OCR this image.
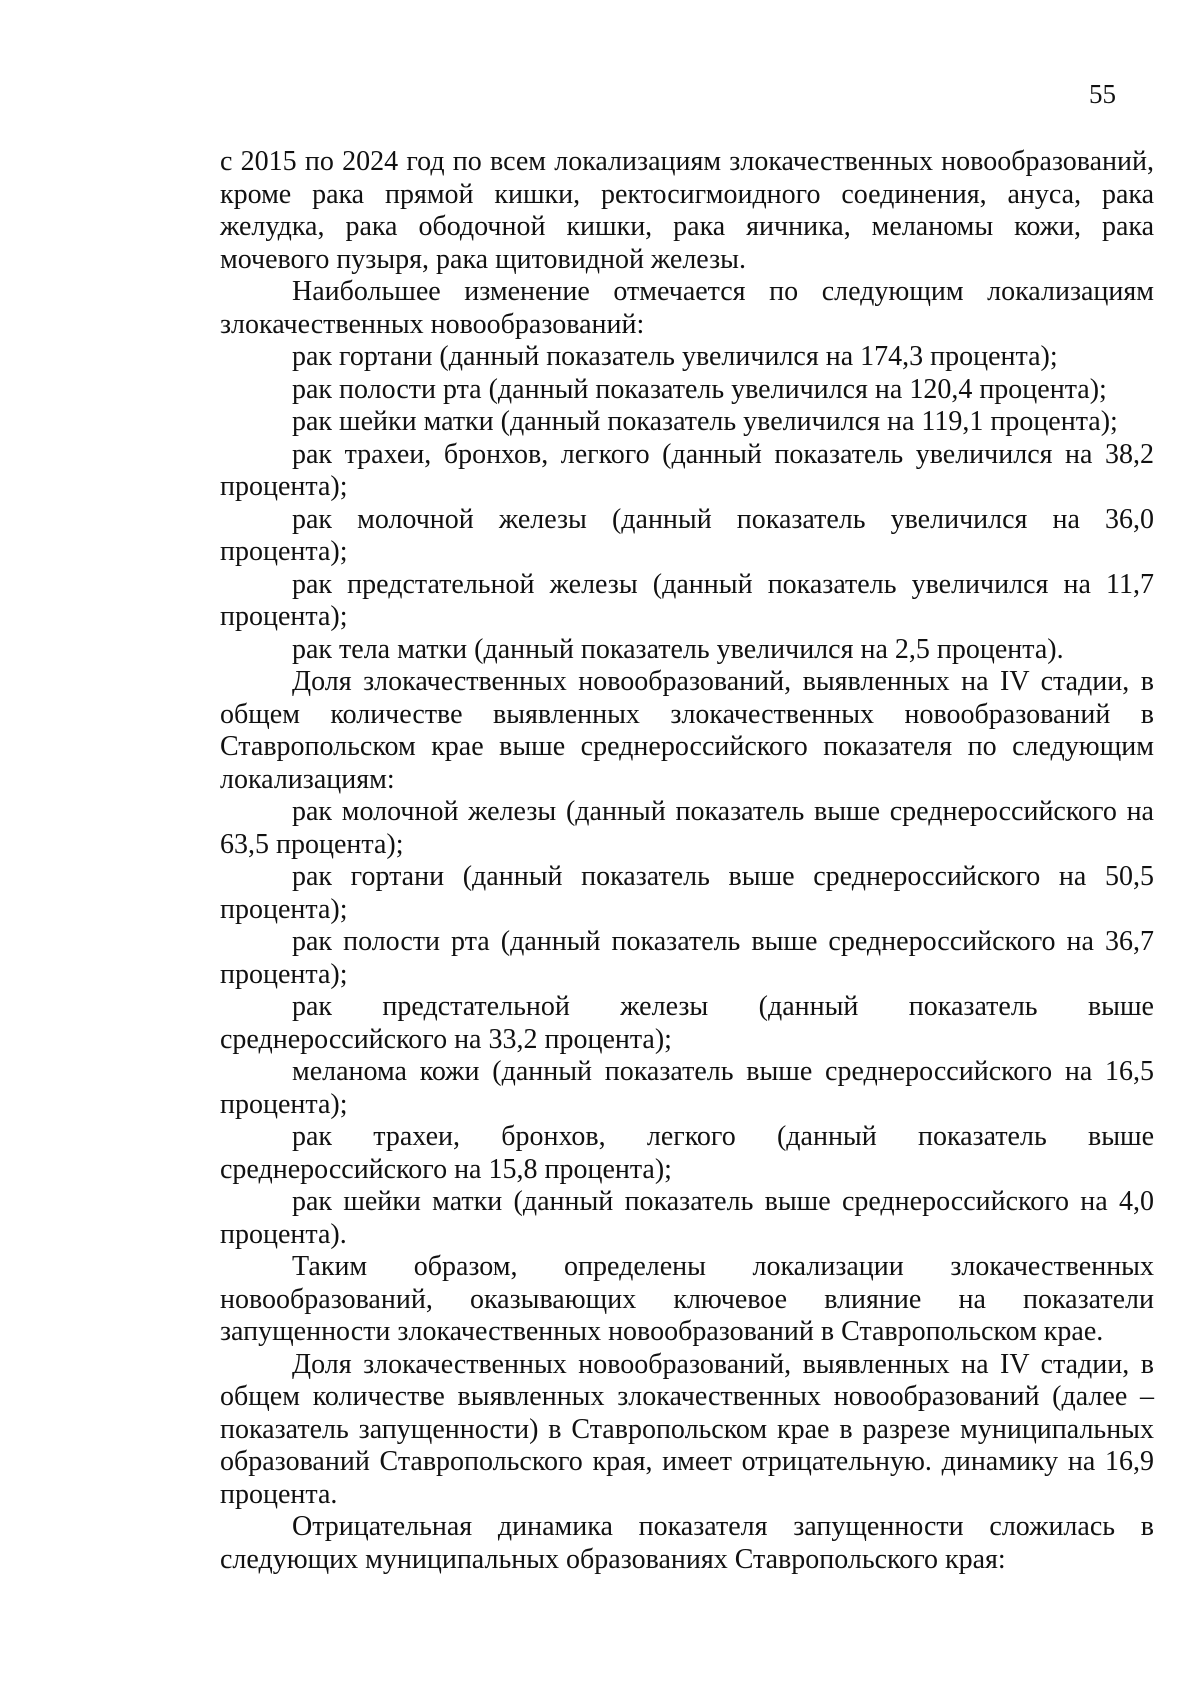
55

с 2015 по 2024 год по всем локализациям злокачественных новообразований, кроме рака прямой кишки, ректосигмоидного соединения, ануса, рака желудка, рака ободочной кишки, рака яичника, меланомы кожи, рака мочевого пузыря, рака щитовидной железы.

Наибольшее изменение отмечается по следующим локализациям злокачественных новообразований:

рак гортани (данный показатель увеличился на 174,3 процента);

рак полости рта (данный показатель увеличился на 120,4 процента);

рак шейки матки (данный показатель увеличился на 119,1 процента);

рак трахеи, бронхов, легкого (данный показатель увеличился на 38,2 процента);

рак молочной железы (данный показатель увеличился на 36,0 процента);

рак предстательной железы (данный показатель увеличился на 11,7 процента);

рак тела матки (данный показатель увеличился на 2,5 процента).

Доля злокачественных новообразований, выявленных на IV стадии, в общем количестве выявленных злокачественных новообразований в Ставропольском крае выше среднероссийского показателя по следующим локализациям:

рак молочной железы (данный показатель выше среднероссийского на 63,5 процента);

рак гортани (данный показатель выше среднероссийского на 50,5 процента);

рак полости рта (данный показатель выше среднероссийского на 36,7 процента);

рак предстательной железы (данный показатель выше среднероссийского на 33,2 процента);

меланома кожи (данный показатель выше среднероссийского на 16,5 процента);

рак трахеи, бронхов, легкого (данный показатель выше среднероссийского на 15,8 процента);

рак шейки матки (данный показатель выше среднероссийского на 4,0 процента).

Таким образом, определены локализации злокачественных новообразований, оказывающих ключевое влияние на показатели запущенности злокачественных новообразований в Ставропольском крае.

Доля злокачественных новообразований, выявленных на IV стадии, в общем количестве выявленных злокачественных новообразований (далее – показатель запущенности) в Ставропольском крае в разрезе муниципальных образований Ставропольского края, имеет отрицательную. динамику на 16,9 процента.

Отрицательная динамика показателя запущенности сложилась в следующих муниципальных образованиях Ставропольского края:
